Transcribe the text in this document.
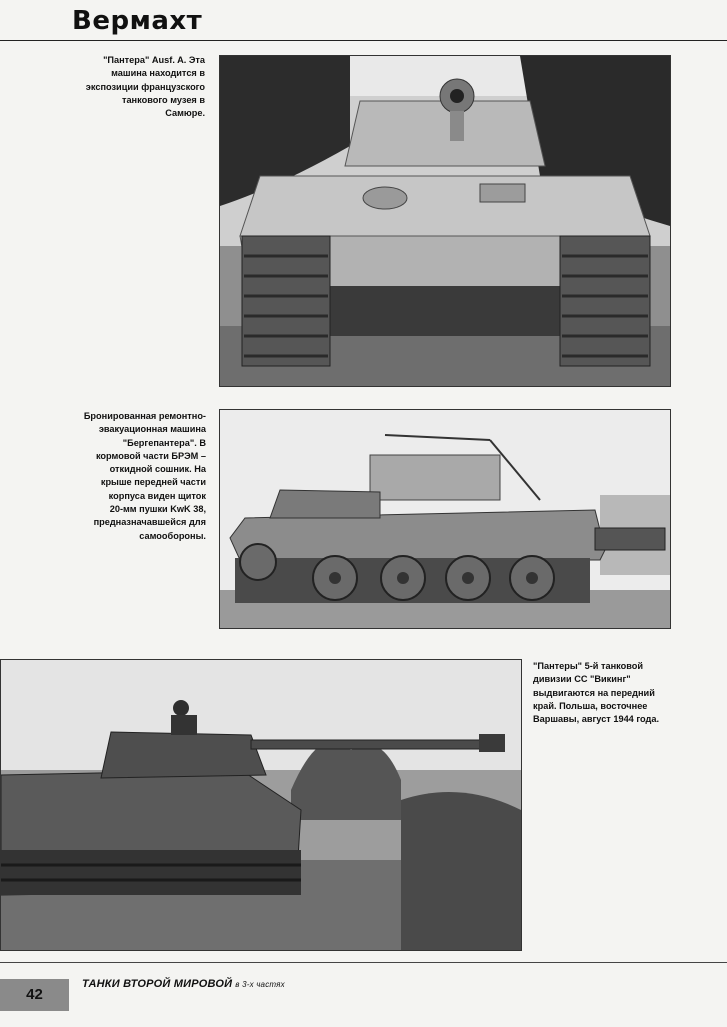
Вермахт
"Пантера" Ausf. A. Эта
машина находится в
экспозиции французского
танкового музея в
Самюре.
Бронированная ремонтно-
эвакуационная машина
"Бергепантера". В
кормовой части БРЭМ –
откидной сошник. На
крыше передней части
корпуса виден щиток
20-мм пушки KwK 38,
предназначавшейся для
самообороны.
"Пантеры" 5-й танковой
дивизии СС "Викинг"
выдвигаются на передний
край. Польша, восточнее
Варшавы, август 1944 года.
42
ТАНКИ ВТОРОЙ МИРОВОЙ в 3-х частях
